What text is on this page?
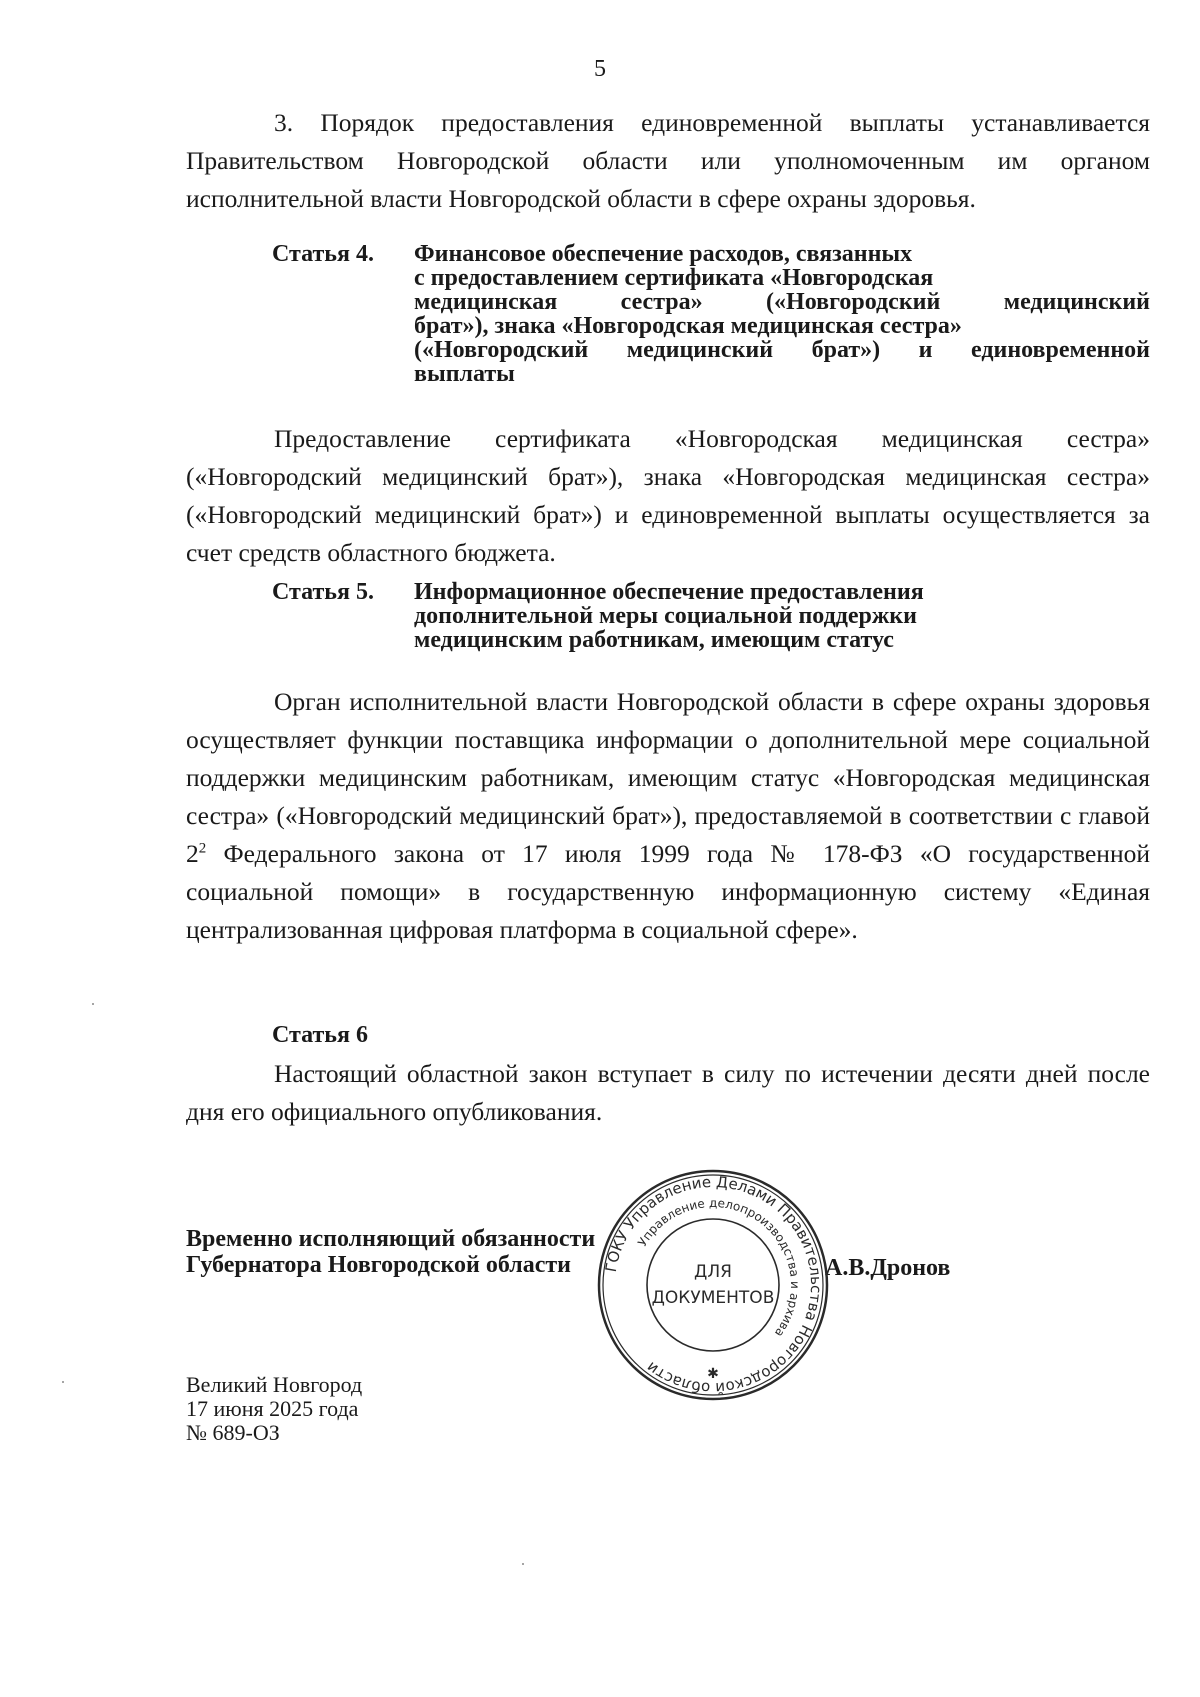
5

3. Порядок предоставления единовременной выплаты устанавливается Правительством Новгородской области или уполномоченным им органом исполнительной власти Новгородской области в сфере охраны здоровья.

Статья 4.	Финансовое обеспечение расходов, связанных
с предоставлением сертификата «Новгородская
медицинская сестра» («Новгородский медицинский
брат»), знака «Новгородская медицинская сестра»
(«Новгородский медицинский брат») и единовременной
выплаты

Предоставление сертификата «Новгородская медицинская сестра» («Новгородский медицинский брат»), знака «Новгородская медицинская сестра» («Новгородский медицинский брат») и единовременной выплаты осуществляется за счет средств областного бюджета.

Статья 5.	Информационное обеспечение предоставления
дополнительной меры социальной поддержки
медицинским работникам, имеющим статус

Орган исполнительной власти Новгородской области в сфере охраны здоровья осуществляет функции поставщика информации о дополнительной мере социальной поддержки медицинским работникам, имеющим статус «Новгородская медицинская сестра» («Новгородский медицинский брат»), предоставляемой в соответствии с главой $2^2$ Федерального закона от 17 июля 1999 года № 178-ФЗ «О государственной социальной помощи» в государственную информационную систему «Единая централизованная цифровая платформа в социальной сфере».

Статья 6

Настоящий областной закон вступает в силу по истечении десяти дней после дня его официального опубликования.

Временно исполняющий обязанности
Губернатора Новгородской области	А.В.Дронов
Великий Новгород
17 июня 2025 года
№ 689-ОЗ
ГОКУ Управление Делами Правительства Новгородской области
Управление делопроизводства и архива
ДЛЯ
ДОКУМЕНТОВ
✱
